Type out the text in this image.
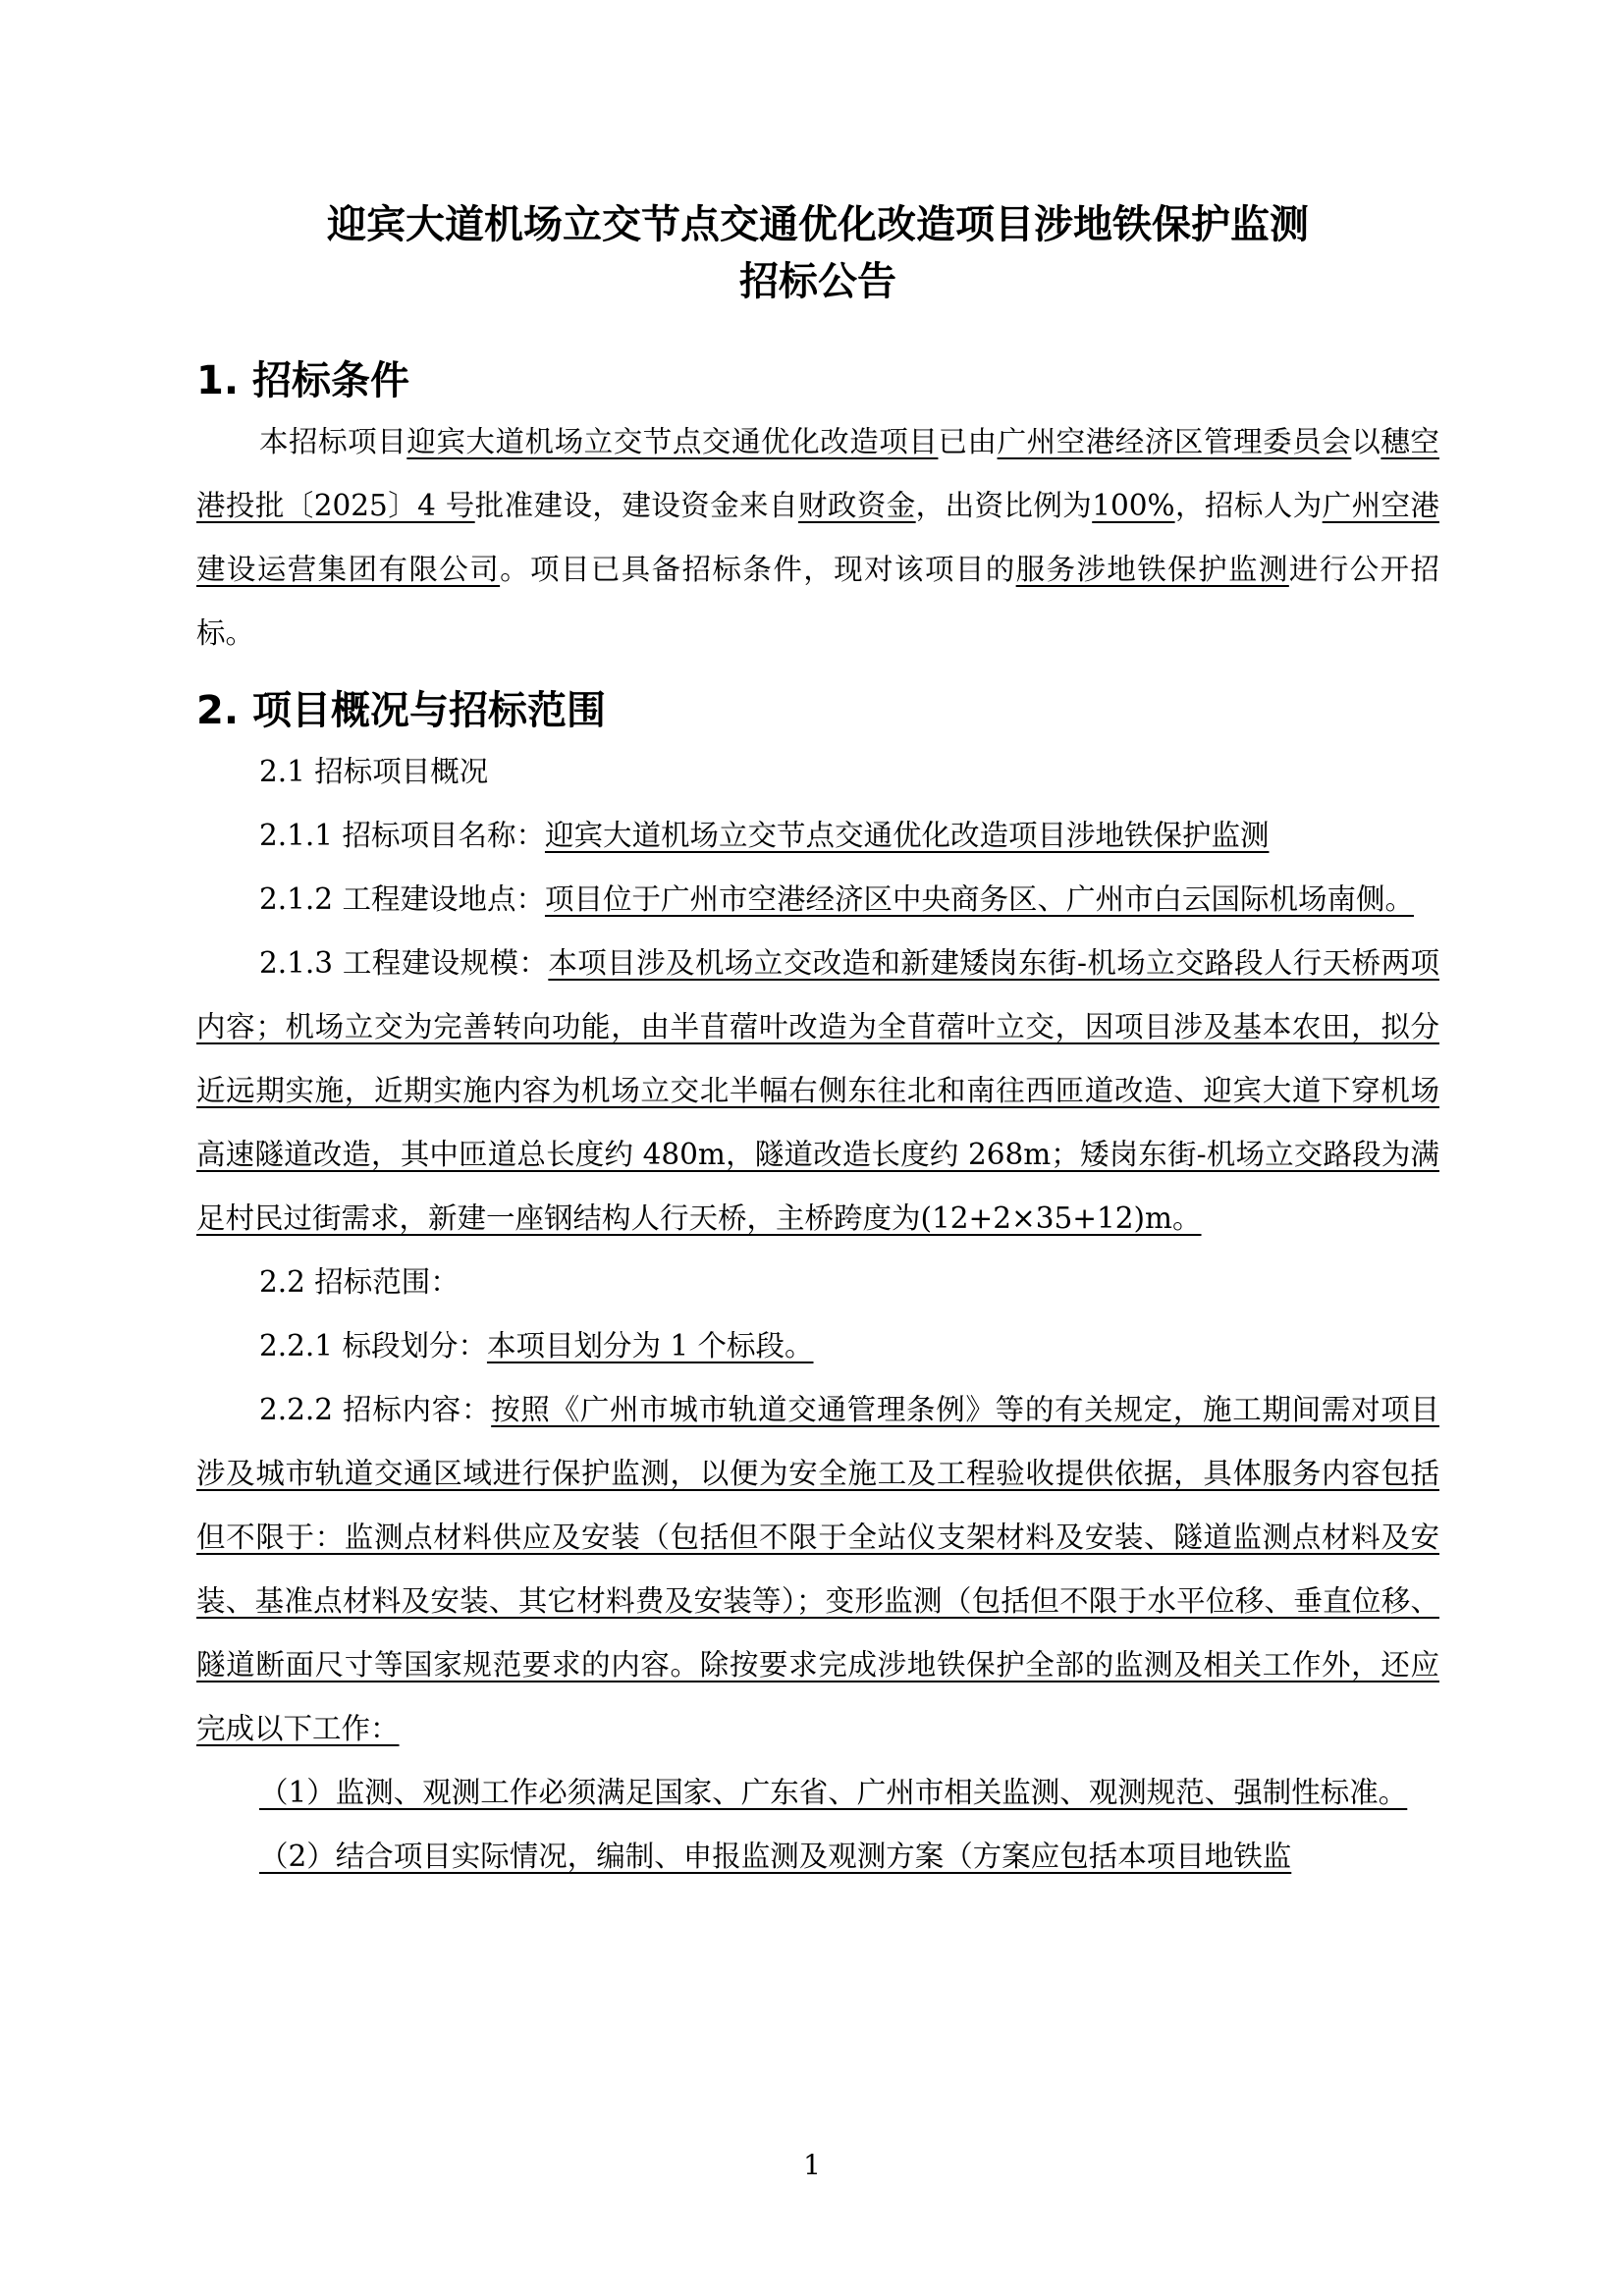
迎宾大道机场立交节点交通优化改造项目涉地铁保护监测
招标公告
1. 招标条件

本招标项目迎宾大道机场立交节点交通优化改造项目已由广州空港经济区管理委员会以穗空港投批〔2025〕4 号批准建设，建设资金来自财政资金，出资比例为100%，招标人为广州空港建设运营集团有限公司。项目已具备招标条件，现对该项目的服务涉地铁保护监测进行公开招标。

2. 项目概况与招标范围

2.1 招标项目概况

2.1.1 招标项目名称：迎宾大道机场立交节点交通优化改造项目涉地铁保护监测

2.1.2 工程建设地点：项目位于广州市空港经济区中央商务区、广州市白云国际机场南侧。

2.1.3 工程建设规模：本项目涉及机场立交改造和新建矮岗东街-机场立交路段人行天桥两项内容；机场立交为完善转向功能，由半苜蓿叶改造为全苜蓿叶立交，因项目涉及基本农田，拟分近远期实施，近期实施内容为机场立交北半幅右侧东往北和南往西匝道改造、迎宾大道下穿机场高速隧道改造，其中匝道总长度约 480m，隧道改造长度约 268m；矮岗东街-机场立交路段为满足村民过街需求，新建一座钢结构人行天桥，主桥跨度为(12+2×35+12)m。

2.2 招标范围：

2.2.1 标段划分：本项目划分为 1 个标段。

2.2.2 招标内容：按照《广州市城市轨道交通管理条例》等的有关规定，施工期间需对项目涉及城市轨道交通区域进行保护监测，以便为安全施工及工程验收提供依据，具体服务内容包括但不限于：监测点材料供应及安装（包括但不限于全站仪支架材料及安装、隧道监测点材料及安装、基准点材料及安装、其它材料费及安装等）；变形监测（包括但不限于水平位移、垂直位移、隧道断面尺寸等国家规范要求的内容。除按要求完成涉地铁保护全部的监测及相关工作外，还应完成以下工作：

（1）监测、观测工作必须满足国家、广东省、广州市相关监测、观测规范、强制性标准。

（2）结合项目实际情况，编制、申报监测及观测方案（方案应包括本项目地铁监

1
